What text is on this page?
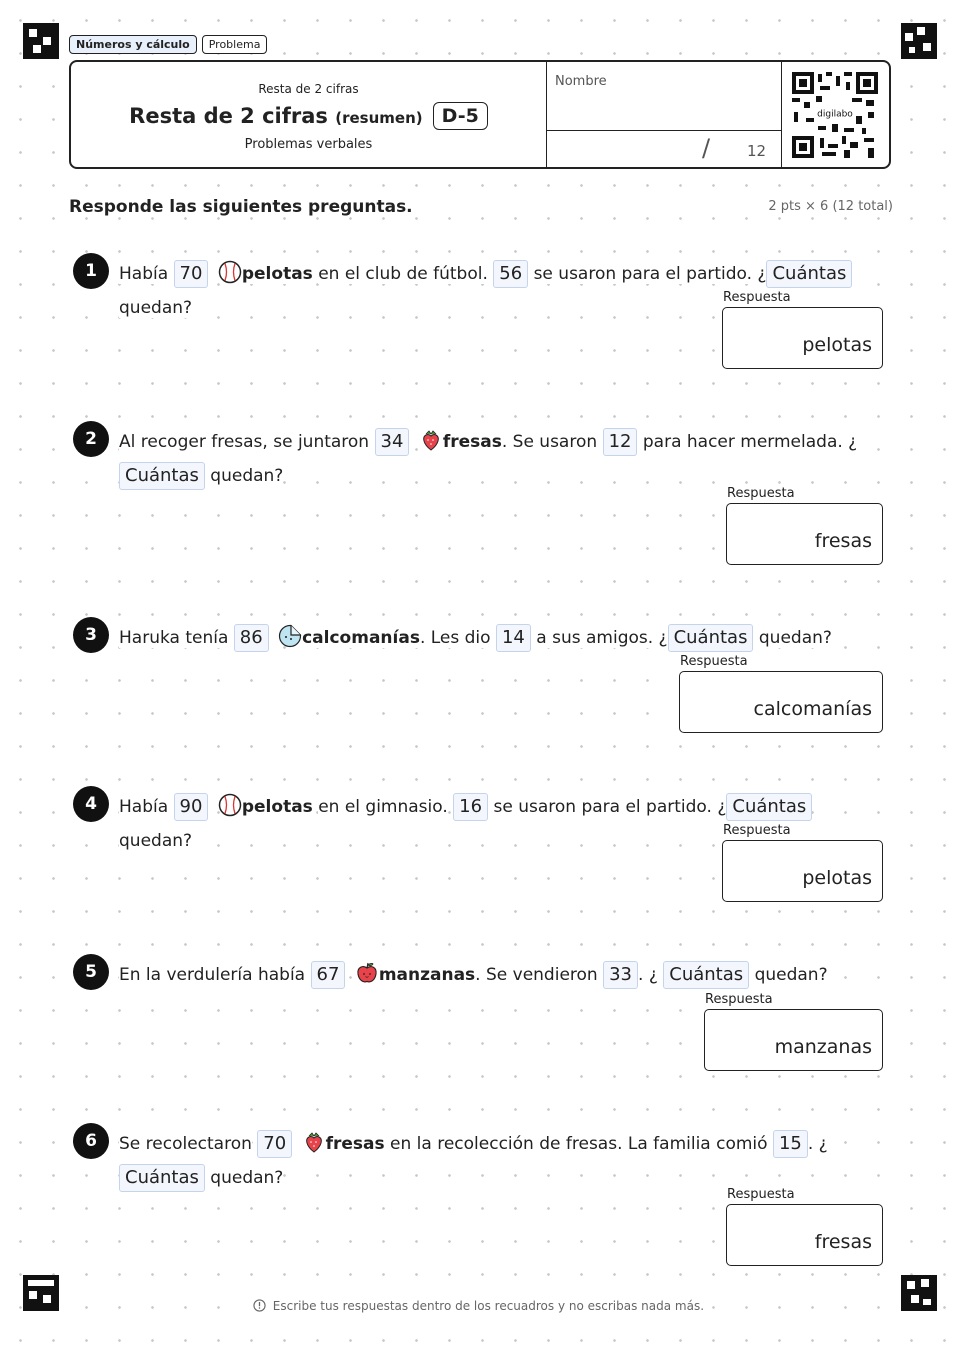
Números y cálculo	Problema
Resta de 2 cifras
Resta de 2 cifras (resumen)	D-5
Problemas verbales
Nombre
/ 12
digilabo
Responde las siguientes preguntas.	2 pts × 6 (12 total)
1	Había 70 pelotas en el club de fútbol. 56 se usaron para el partido. ¿ Cuántas quedan?
Respuesta
pelotas
2	Al recoger fresas, se juntaron 34 fresas. Se usaron 12 para hacer mermelada. ¿Cuántas quedan?
Respuesta
fresas
3	Haruka tenía 86 calcomanías. Les dio 14 a sus amigos. ¿ Cuántas quedan?
Respuesta
calcomanías
4	Había 90 pelotas en el gimnasio. 16 se usaron para el partido. ¿ Cuántas quedan?
Respuesta
pelotas
5	En la verdulería había 67 manzanas. Se vendieron 33 . ¿ Cuántas quedan?
Respuesta
manzanas
6	Se recolectaron 70 fresas en la recolección de fresas. La familia comió 15 . ¿ Cuántas quedan?
Respuesta
fresas
Escribe tus respuestas dentro de los recuadros y no escribas nada más.
